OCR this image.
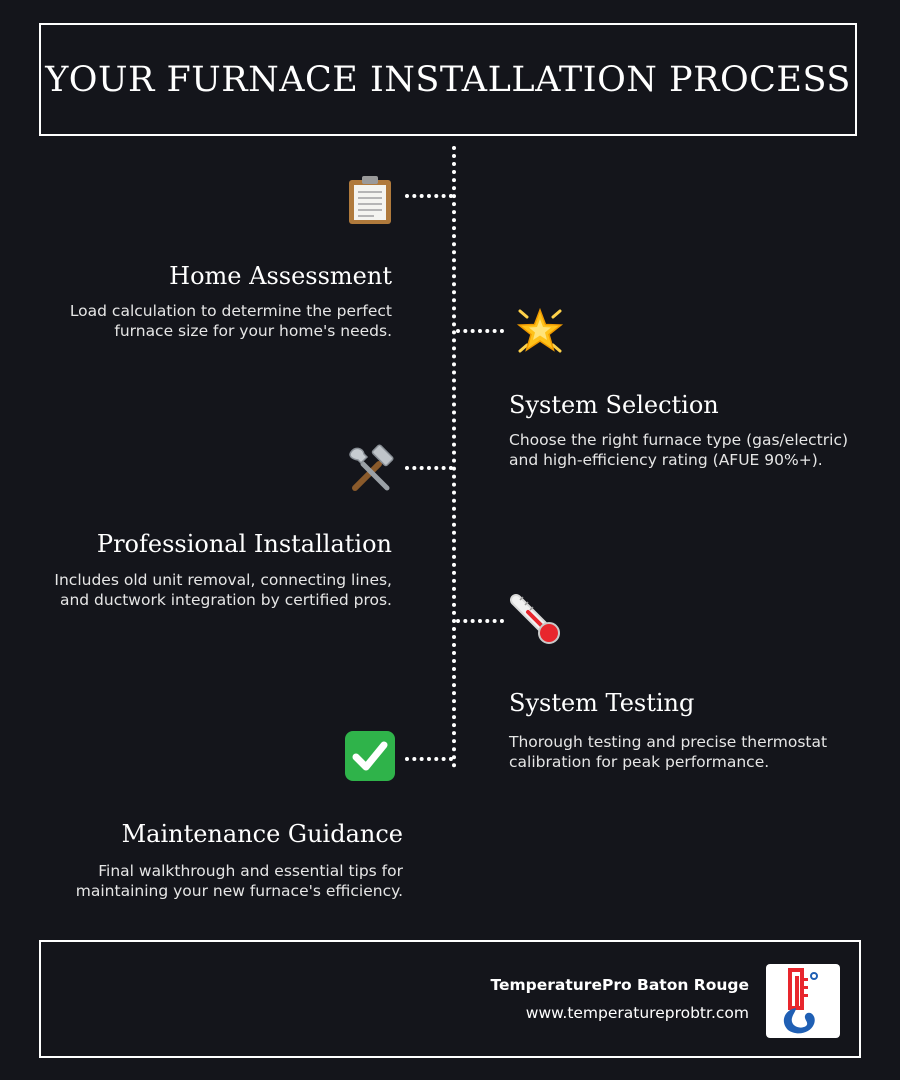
YOUR FURNACE INSTALLATION PROCESS
Home Assessment

Load calculation to determine the perfect furnace size for your home's needs.

System Selection

Choose the right furnace type (gas/electric) and high-efficiency rating (AFUE 90%+).

Professional Installation

Includes old unit removal, connecting lines, and ductwork integration by certified pros.

System Testing

Thorough testing and precise thermostat calibration for peak performance.

Maintenance Guidance

Final walkthrough and essential tips for maintaining your new furnace's efficiency.

TemperaturePro Baton Rouge
www.temperatureprobtr.com
